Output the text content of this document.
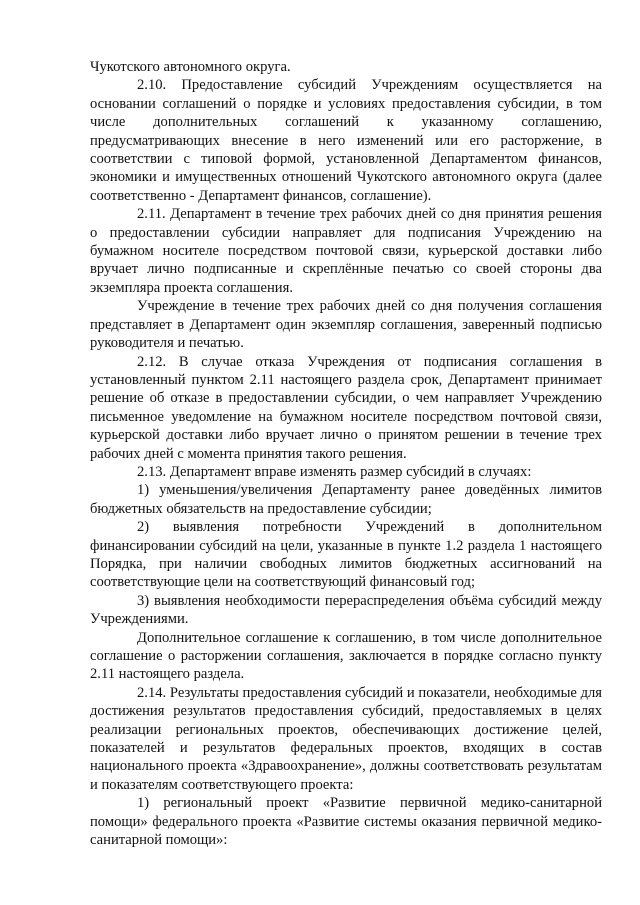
Чукотского автономного округа.

2.10. Предоставление субсидий Учреждениям осуществляется на основании соглашений о порядке и условиях предоставления субсидии, в том числе дополнительных соглашений к указанному соглашению, предусматривающих внесение в него изменений или его расторжение, в соответствии с типовой формой, установленной Департаментом финансов, экономики и имущественных отношений Чукотского автономного округа (далее соответственно - Департамент финансов, соглашение).

2.11. Департамент в течение трех рабочих дней со дня принятия решения о предоставлении субсидии направляет для подписания Учреждению на бумажном носителе посредством почтовой связи, курьерской доставки либо вручает лично подписанные и скреплённые печатью со своей стороны два экземпляра проекта соглашения.

Учреждение в течение трех рабочих дней со дня получения соглашения представляет в Департамент один экземпляр соглашения, заверенный подписью руководителя и печатью.

2.12. В случае отказа Учреждения от подписания соглашения в установленный пунктом 2.11 настоящего раздела срок, Департамент принимает решение об отказе в предоставлении субсидии, о чем направляет Учреждению письменное уведомление на бумажном носителе посредством почтовой связи, курьерской доставки либо вручает лично о принятом решении в течение трех рабочих дней с момента принятия такого решения.

2.13. Департамент вправе изменять размер субсидий в случаях:

1) уменьшения/увеличения Департаменту ранее доведённых лимитов бюджетных обязательств на предоставление субсидии;

2) выявления потребности Учреждений в дополнительном финансировании субсидий на цели, указанные в пункте 1.2 раздела 1 настоящего Порядка, при наличии свободных лимитов бюджетных ассигнований на соответствующие цели на соответствующий финансовый год;

3) выявления необходимости перераспределения объёма субсидий между Учреждениями.

Дополнительное соглашение к соглашению, в том числе дополнительное соглашение о расторжении соглашения, заключается в порядке согласно пункту 2.11 настоящего раздела.

2.14. Результаты предоставления субсидий и показатели, необходимые для достижения результатов предоставления субсидий, предоставляемых в целях реализации региональных проектов, обеспечивающих достижение целей, показателей и результатов федеральных проектов, входящих в состав национального проекта «Здравоохранение», должны соответствовать результатам и показателям соответствующего проекта:

1) региональный проект «Развитие первичной медико-санитарной помощи» федерального проекта «Развитие системы оказания первичной медико-санитарной помощи»:
